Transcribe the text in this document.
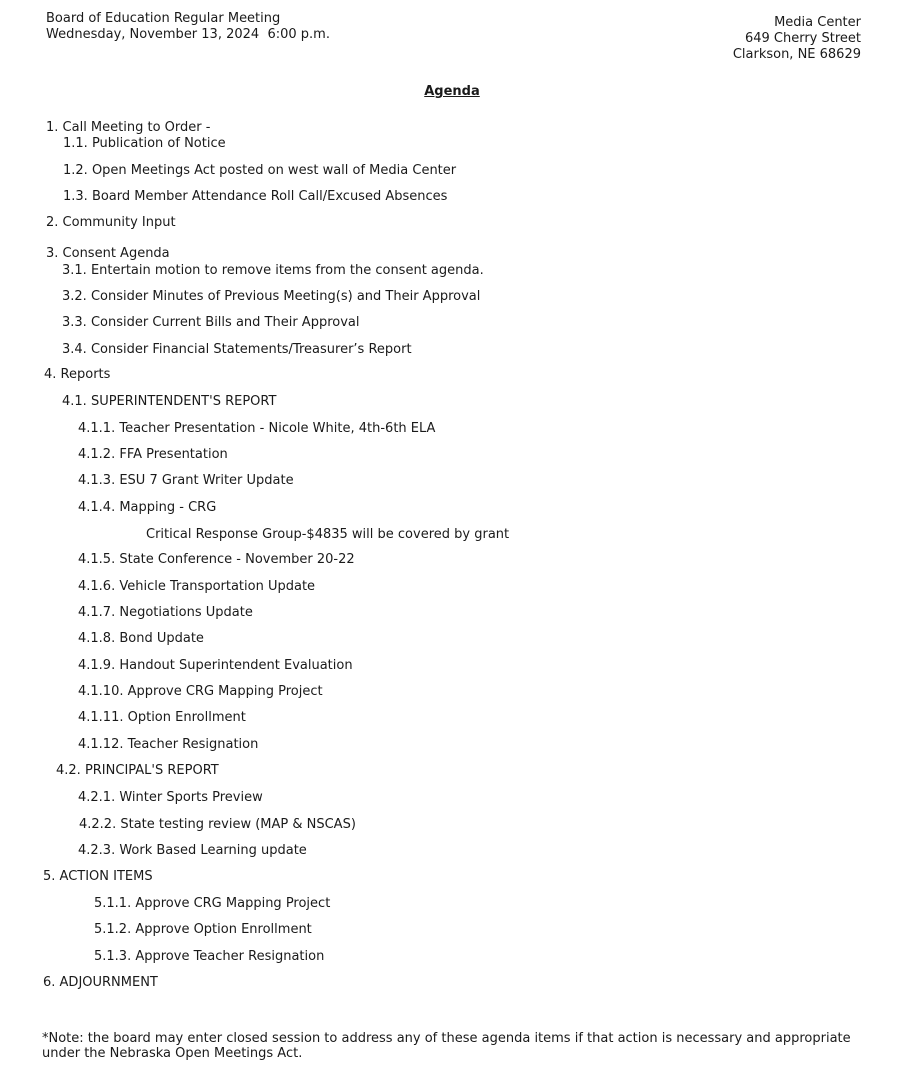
Board of Education Regular Meeting
Wednesday, November 13, 2024  6:00 p.m.
Media Center
649 Cherry Street
Clarkson, NE 68629
Agenda
1. Call Meeting to Order -
1.1. Publication of Notice
1.2. Open Meetings Act posted on west wall of Media Center
1.3. Board Member Attendance Roll Call/Excused Absences
2. Community Input
3. Consent Agenda
3.1. Entertain motion to remove items from the consent agenda.
3.2. Consider Minutes of Previous Meeting(s) and Their Approval
3.3. Consider Current Bills and Their Approval
3.4. Consider Financial Statements/Treasurer’s Report
4. Reports
4.1. SUPERINTENDENT'S REPORT
4.1.1. Teacher Presentation - Nicole White, 4th-6th ELA
4.1.2. FFA Presentation
4.1.3. ESU 7 Grant Writer Update
4.1.4. Mapping - CRG
Critical Response Group-$4835 will be covered by grant
4.1.5. State Conference - November 20-22
4.1.6. Vehicle Transportation Update
4.1.7. Negotiations Update
4.1.8. Bond Update
4.1.9. Handout Superintendent Evaluation
4.1.10. Approve CRG Mapping Project
4.1.11. Option Enrollment
4.1.12. Teacher Resignation
4.2. PRINCIPAL'S REPORT
4.2.1. Winter Sports Preview
4.2.2. State testing review (MAP & NSCAS)
4.2.3. Work Based Learning update
5. ACTION ITEMS
5.1.1. Approve CRG Mapping Project
5.1.2. Approve Option Enrollment
5.1.3. Approve Teacher Resignation
6. ADJOURNMENT
*Note: the board may enter closed session to address any of these agenda items if that action is necessary and appropriate under the Nebraska Open Meetings Act.
